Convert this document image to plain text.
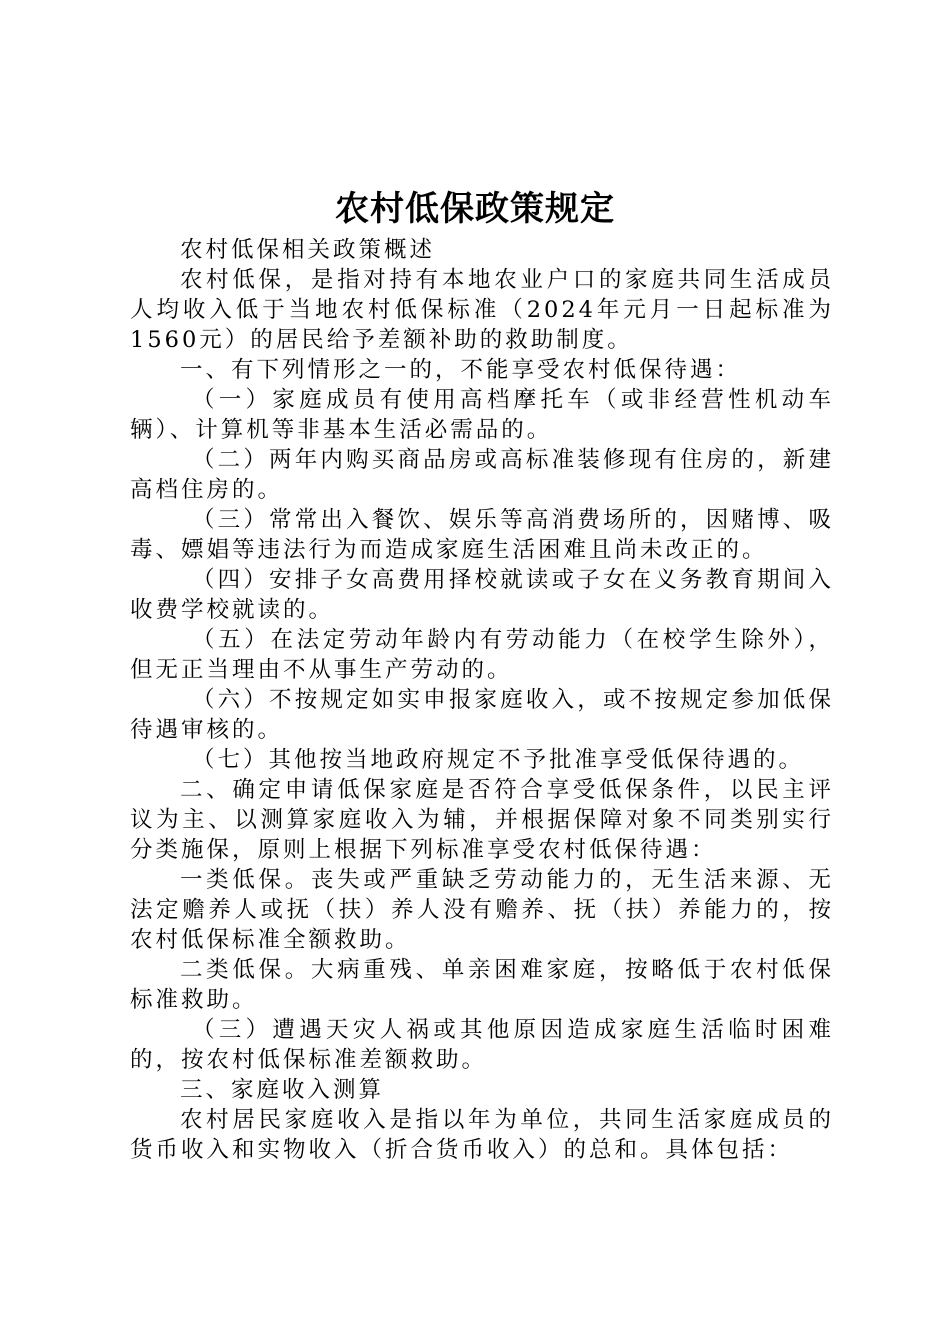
农村低保政策规定

农村低保相关政策概述

农村低保，是指对持有本地农业户口的家庭共同生活成员人均收入低于当地农村低保标准（2024年元月一日起标准为1560元）的居民给予差额补助的救助制度。

一、有下列情形之一的，不能享受农村低保待遇：

（一）家庭成员有使用高档摩托车（或非经营性机动车辆）、计算机等非基本生活必需品的。

（二）两年内购买商品房或高标准装修现有住房的，新建高档住房的。

（三）常常出入餐饮、娱乐等高消费场所的，因赌博、吸毒、嫖娼等违法行为而造成家庭生活困难且尚未改正的。

（四）安排子女高费用择校就读或子女在义务教育期间入收费学校就读的。

（五）在法定劳动年龄内有劳动能力（在校学生除外），但无正当理由不从事生产劳动的。

（六）不按规定如实申报家庭收入，或不按规定参加低保待遇审核的。

（七）其他按当地政府规定不予批准享受低保待遇的。

二、确定申请低保家庭是否符合享受低保条件，以民主评议为主、以测算家庭收入为辅，并根据保障对象不同类别实行分类施保，原则上根据下列标准享受农村低保待遇：

一类低保。丧失或严重缺乏劳动能力的，无生活来源、无法定赡养人或抚（扶）养人没有赡养、抚（扶）养能力的，按农村低保标准全额救助。

二类低保。大病重残、单亲困难家庭，按略低于农村低保标准救助。

（三）遭遇天灾人祸或其他原因造成家庭生活临时困难的，按农村低保标准差额救助。

三、家庭收入测算

农村居民家庭收入是指以年为单位，共同生活家庭成员的货币收入和实物收入（折合货币收入）的总和。具体包括：
